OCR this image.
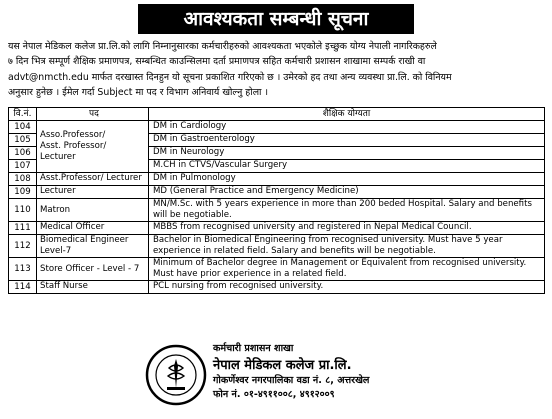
आवश्यकता सम्बन्धी सूचना
यस नेपाल मेडिकल कलेज प्रा.लि.को लागि निम्नानुसारका कर्मचारीहरुको आवश्यकता भएकोले इच्छुक योग्य नेपाली नागरिकहरुले
७ दिन भित्र सम्पूर्ण शैक्षिक प्रमाणपत्र, सम्बन्धित काउन्सिलमा दर्ता प्रमाणपत्र सहित कर्मचारी प्रशासन शाखामा सम्पर्क राखी वा
advt@nmcth.edu मार्फत दरखास्त दिनहुन यो सूचना प्रकाशित गरिएको छ । उमेरको हद तथा अन्य व्यवस्था प्रा.लि. को विनियम
अनुसार हुनेछ । ईमेल गर्दा Subject मा पद र विभाग अनिवार्य खोल्नु होला ।
वि.नं.	पद	शैक्षिक योग्यता
104	Asso.Professor/
Asst. Professor/
Lecturer	DM in Cardiology
105		DM in Gastroenterology
106		DM in Neurology
107		M.CH in CTVS/Vascular Surgery
108	Asst.Professor/ Lecturer	DM in Pulmonology
109	Lecturer	MD (General Practice and Emergency Medicine)
110	Matron	MN/M.Sc. with 5 years experience in more than 200 beded Hospital. Salary and benefits will be negotiable.
111	Medical Officer	MBBS from recognised university and registered in Nepal Medical Council.
112	Biomedical Engineer Level-7	Bachelor in Biomedical Engineering from recognised university. Must have 5 year experience in related field. Salary and benefits will be negotiable.
113	Store Officer - Level - 7	Minimum of Bachelor degree in Management or Equivalent from recognised university. Must have prior experience in a related field.
114	Staff Nurse	PCL nursing from recognised university.
कर्मचारी प्रशासन शाखा
नेपाल मेडिकल कलेज प्रा.लि.
गोकर्णेश्वर नगरपालिका वडा नं. ८, अत्तरखेल
फोन नं. ०१-४९११००८, ४९१२००९
